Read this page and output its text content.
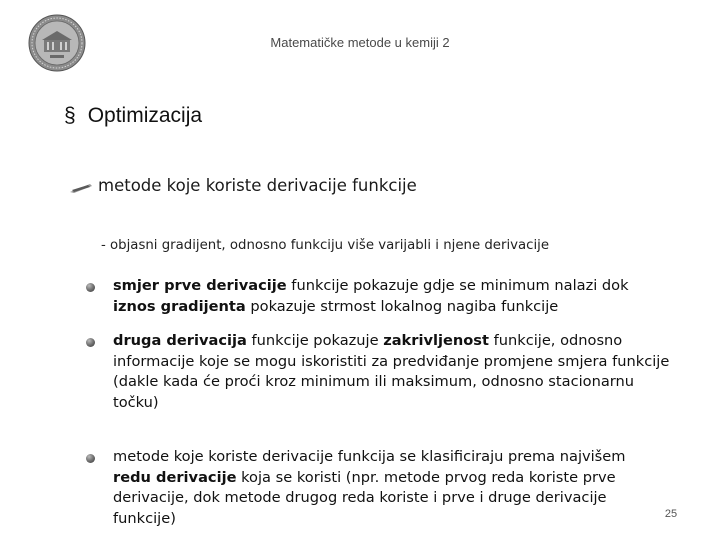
Matematičke metode u kemiji 2
§ Optimizacija
metode koje koriste derivacije funkcije
- objasni gradijent, odnosno funkciju više varijabli i njene derivacije
smjer prve derivacije funkcije pokazuje gdje se minimum nalazi dok iznos gradijenta pokazuje strmost lokalnog nagiba funkcije
druga derivacija funkcije pokazuje zakrivljenost funkcije, odnosno informacije koje se mogu iskoristiti za predviđanje promjene smjera funkcije (dakle kada će proći kroz minimum ili maksimum, odnosno stacionarnu točku)
metode koje koriste derivacije funkcija se klasificiraju prema najvišem redu derivacije koja se koristi (npr. metode prvog reda koriste prve derivacije, dok metode drugog reda koriste i prve i druge derivacije funkcije)	25
